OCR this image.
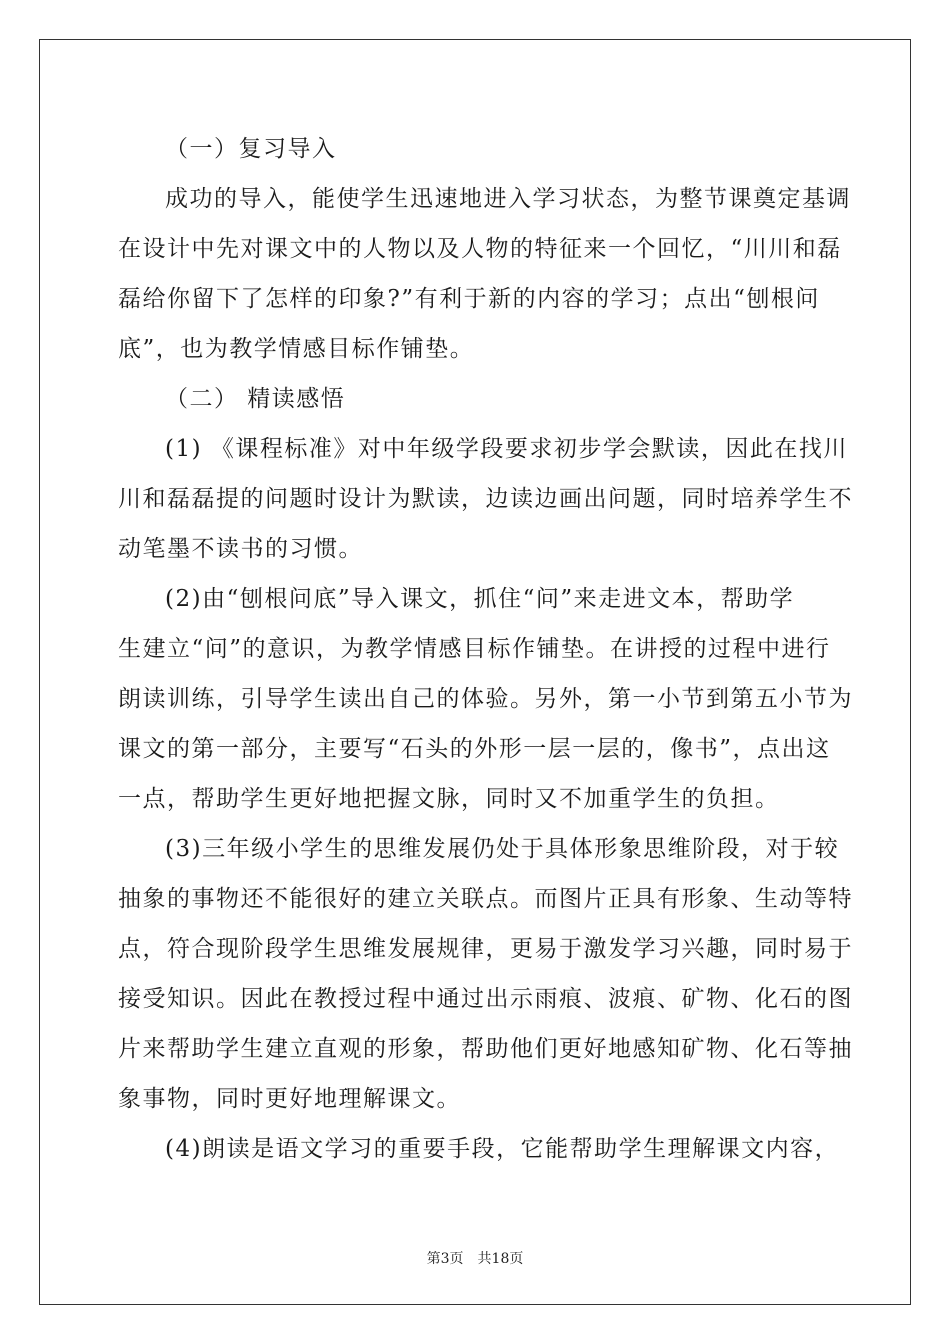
（一）复习导入
成功的导入，能使学生迅速地进入学习状态，为整节课奠定基调
在设计中先对课文中的人物以及人物的特征来一个回忆，“川川和磊
磊给你留下了怎样的印象?”有利于新的内容的学习；点出“刨根问
底”，也为教学情感目标作铺垫。
（二） 精读感悟
(1) 《课程标准》对中年级学段要求初步学会默读，因此在找川
川和磊磊提的问题时设计为默读，边读边画出问题，同时培养学生不
动笔墨不读书的习惯。
(2)由“刨根问底”导入课文，抓住“问”来走进文本，帮助学
生建立“问”的意识，为教学情感目标作铺垫。在讲授的过程中进行
朗读训练，引导学生读出自己的体验。另外，第一小节到第五小节为
课文的第一部分，主要写“石头的外形一层一层的，像书”，点出这
一点，帮助学生更好地把握文脉，同时又不加重学生的负担。
(3)三年级小学生的思维发展仍处于具体形象思维阶段，对于较
抽象的事物还不能很好的建立关联点。而图片正具有形象、生动等特
点，符合现阶段学生思维发展规律，更易于激发学习兴趣，同时易于
接受知识。因此在教授过程中通过出示雨痕、波痕、矿物、化石的图
片来帮助学生建立直观的形象，帮助他们更好地感知矿物、化石等抽
象事物，同时更好地理解课文。
(4)朗读是语文学习的重要手段，它能帮助学生理解课文内容，
第3页 共18页
